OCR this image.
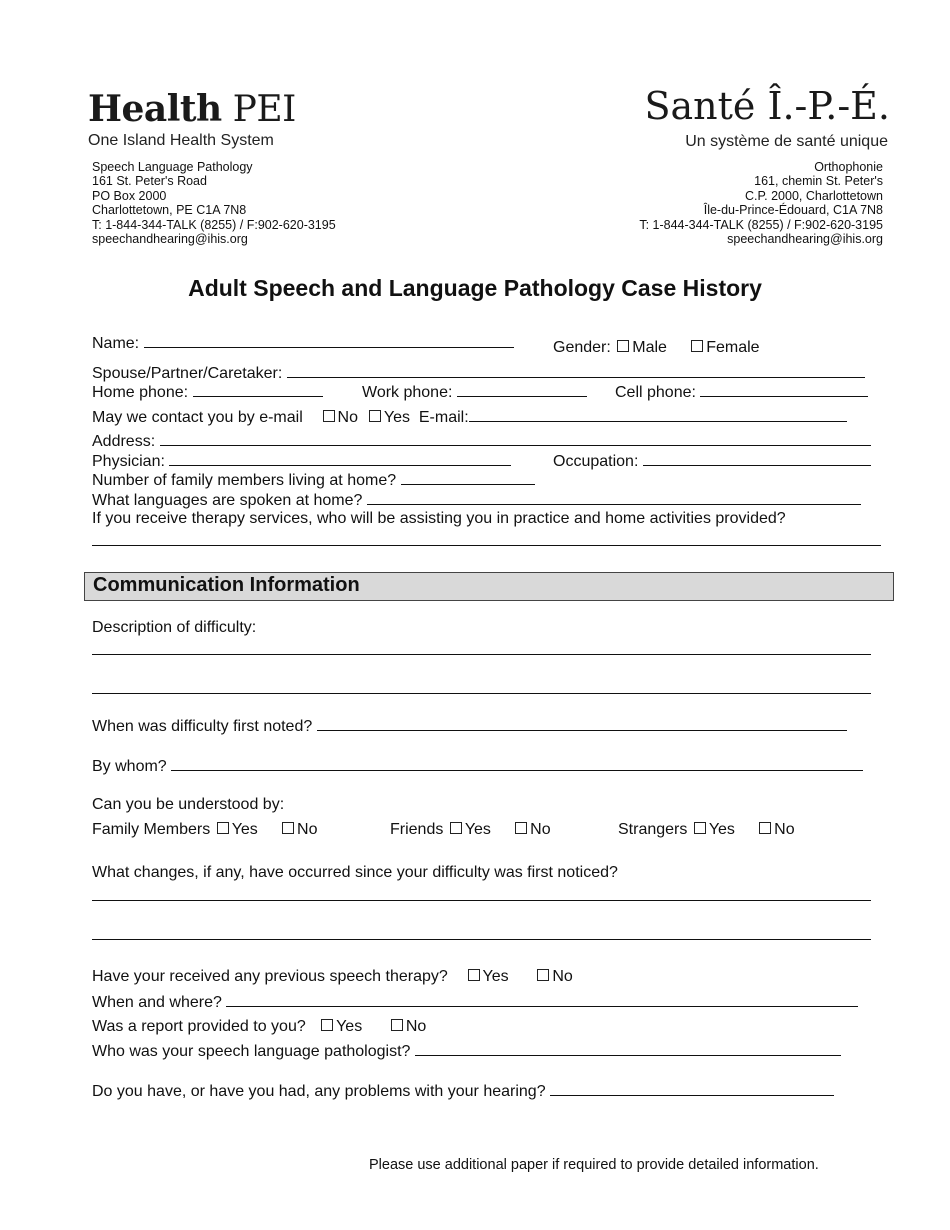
Health PEI
One Island Health System
Santé Î.-P.-É.
Un système de santé unique
Speech Language Pathology
161 St. Peter's Road
PO Box 2000
Charlottetown, PE C1A 7N8
T: 1-844-344-TALK (8255) / F:902-620-3195
speechandhearing@ihis.org
Orthophonie
161, chemin St. Peter's
C.P. 2000, Charlottetown
Île-du-Prince-Édouard, C1A 7N8
T: 1-844-344-TALK (8255) / F:902-620-3195
speechandhearing@ihis.org
Adult Speech and Language Pathology Case History
Name:	Gender: Male Female
Spouse/Partner/Caretaker:
Home phone:	Work phone:	Cell phone:
May we contact you by e-mail No Yes E-mail:
Address:
Physician:	Occupation:
Number of family members living at home?
What languages are spoken at home?
If you receive therapy services, who will be assisting you in practice and home activities provided?
Communication Information
Description of difficulty:
When was difficulty first noted?
By whom?
Can you be understood by:
Family Members Yes No	Friends Yes No	Strangers Yes No
What changes, if any, have occurred since your difficulty was first noticed?
Have your received any previous speech therapy? Yes	No
When and where?
Was a report provided to you? Yes	No
Who was your speech language pathologist?
Do you have, or have you had, any problems with your hearing?
Please use additional paper if required to provide detailed information.
